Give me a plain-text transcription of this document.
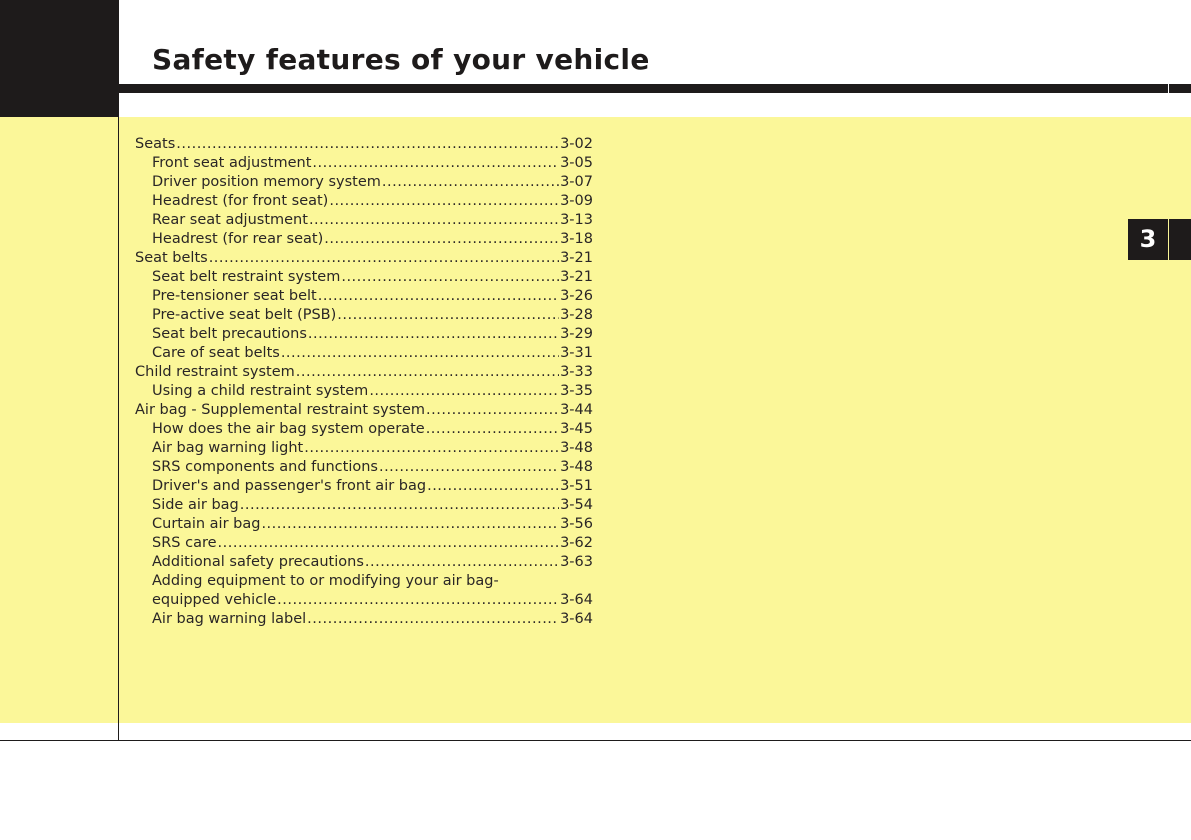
Safety features of your vehicle
3
Seats .....	3-02
Front seat adjustment .....	3-05
Driver position memory system .....	3-07
Headrest (for front seat) .....	3-09
Rear seat adjustment .....	3-13
Headrest (for rear seat) .....	3-18
Seat belts .....	3-21
Seat belt restraint system .....	3-21
Pre-tensioner seat belt .....	3-26
Pre-active seat belt (PSB) .....	3-28
Seat belt precautions .....	3-29
Care of seat belts .....	3-31
Child restraint system .....	3-33
Using a child restraint system .....	3-35
Air bag - Supplemental restraint system .....	3-44
How does the air bag system operate .....	3-45
Air bag warning light .....	3-48
SRS components and functions .....	3-48
Driver's and passenger's front air bag .....	3-51
Side air bag .....	3-54
Curtain air bag .....	3-56
SRS care .....	3-62
Additional safety precautions .....	3-63
Adding equipment to or modifying your air bag-
equipped vehicle .....	3-64
Air bag warning label .....	3-64
